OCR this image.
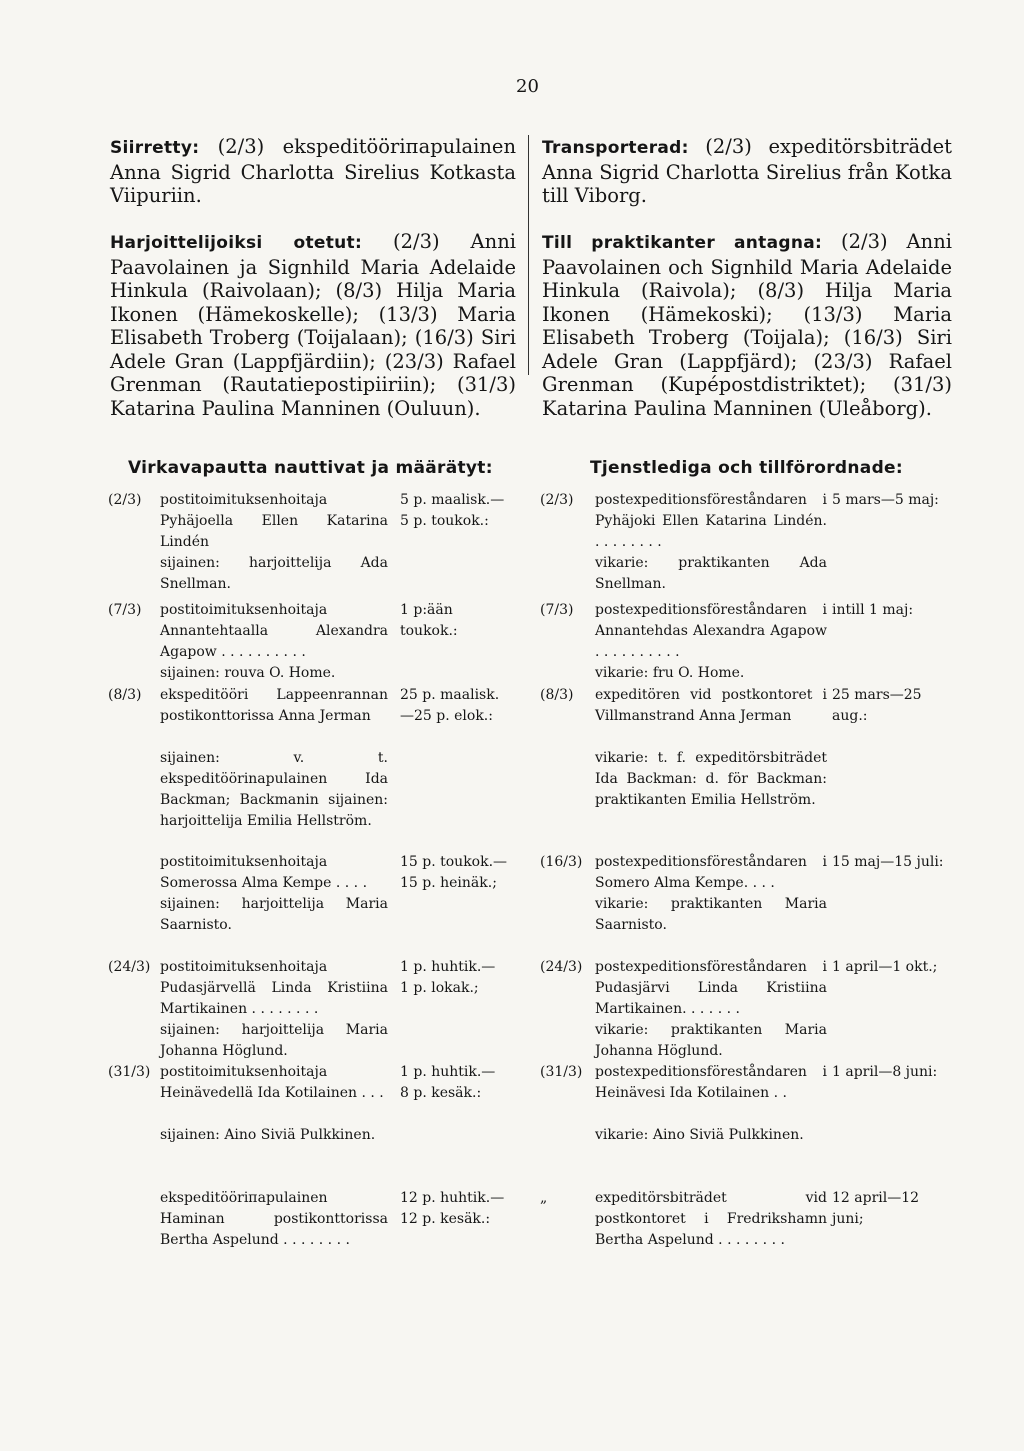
20

Siirretty: (2/3) ekspeditööriпapulainen Anna Sigrid Charlotta Sirelius Kotkasta Viipuriin.

Harjoittelijoiksi otetut: (2/3) Anni Paavolainen ja Signhild Maria Adelaide Hinkula (Raivolaan); (8/3) Hilja Maria Ikonen (Hämekoskelle); (13/3) Maria Elisabeth Troberg (Toijalaan); (16/3) Siri Adele Gran (Lappfjärdiin); (23/3) Rafael Grenman (Rautatiepostipiiriin); (31/3) Katarina Paulina Manninen (Ouluun).

Transporterad: (2/3) expeditörsbiträdet Anna Sigrid Charlotta Sirelius från Kotka till Viborg.

Till praktikanter antagna: (2/3) Anni Paavolainen och Signhild Maria Adelaide Hinkula (Raivola); (8/3) Hilja Maria Ikonen (Hämekoski); (13/3) Maria Elisabeth Troberg (Toijala); (16/3) Siri Adele Gran (Lappfjärd); (23/3) Rafael Grenman (Kupépostdistriktet); (31/3) Katarina Paulina Manninen (Uleåborg).

Virkavapautta nauttivat ja määrätyt:	Tjenstlediga och tillförordnade:
(2/3) postitoimituksenhoitaja Pyhäjoella Ellen Katarina Lindén
5 p. maalisk.—
5 p. toukok.:
sijainen: harjoittelija Ada Snellman.
(7/3) postitoimituksenhoitaja Annantehtaalla Alexandra Agapow . . . . . . . . . .
1 p:ään toukok.:
sijainen: rouva O. Home.
(8/3) ekspeditööri Lappeenrannan postikonttorissa Anna Jerman
25 p. maalisk.
—25 p. elok.:
sijainen: v. t. ekspeditöörinapulainen Ida Backman; Backmanin sijainen: harjoittelija Emilia Hellström.
postitoimituksenhoitaja Somerossa Alma Kempe . . . .
15 p. toukok.—
15 p. heinäk.;
sijainen: harjoittelija Maria Saarnisto.
(24/3) postitoimituksenhoitaja Pudasjärvellä Linda Kristiina Martikainen . . . . . . . .
1 p. huhtik.—
1 p. lokak.;
sijainen: harjoittelija Maria Johanna Höglund.
(31/3) postitoimituksenhoitaja Heinävedellä Ida Kotilainen . . .
1 p. huhtik.—
8 p. kesäk.:
sijainen: Aino Siviä Pulkkinen.
ekspeditööriпapulainen Haminan postikonttorissa Bertha Aspelund . . . . . . . .
12 p. huhtik.—
12 p. kesäk.:
(2/3) postexpeditionsföreståndaren i Pyhäjoki Ellen Katarina Lindén. . . . . . . . .
5 mars—5 maj:
vikarie: praktikanten Ada Snellman.
(7/3) postexpeditionsföreståndaren i Annantehdas Alexandra Agapow . . . . . . . . . .
intill 1 maj:
vikarie: fru O. Home.
(8/3) expeditören vid postkontoret i Villmanstrand Anna Jerman
25 mars—25
aug.:
vikarie: t. f. expeditörsbiträdet Ida Backman: d. för Backman: praktikanten Emilia Hellström.
(16/3) postexpeditionsföreståndaren i Somero Alma Kempe. . . .
15 maj—15 juli:
vikarie: praktikanten Maria Saarnisto.
(24/3) postexpeditionsföreståndaren i Pudasjärvi Linda Kristiina Martikainen. . . . . . .
1 april—1 okt.;
vikarie: praktikanten Maria Johanna Höglund.
(31/3) postexpeditionsföreståndaren i Heinävesi Ida Kotilainen . .
1 april—8 juni:
vikarie: Aino Siviä Pulkkinen.
„	expeditörsbiträdet vid postkontoret i Fredrikshamn Bertha Aspelund . . . . . . . .
12 april—12
juni;
